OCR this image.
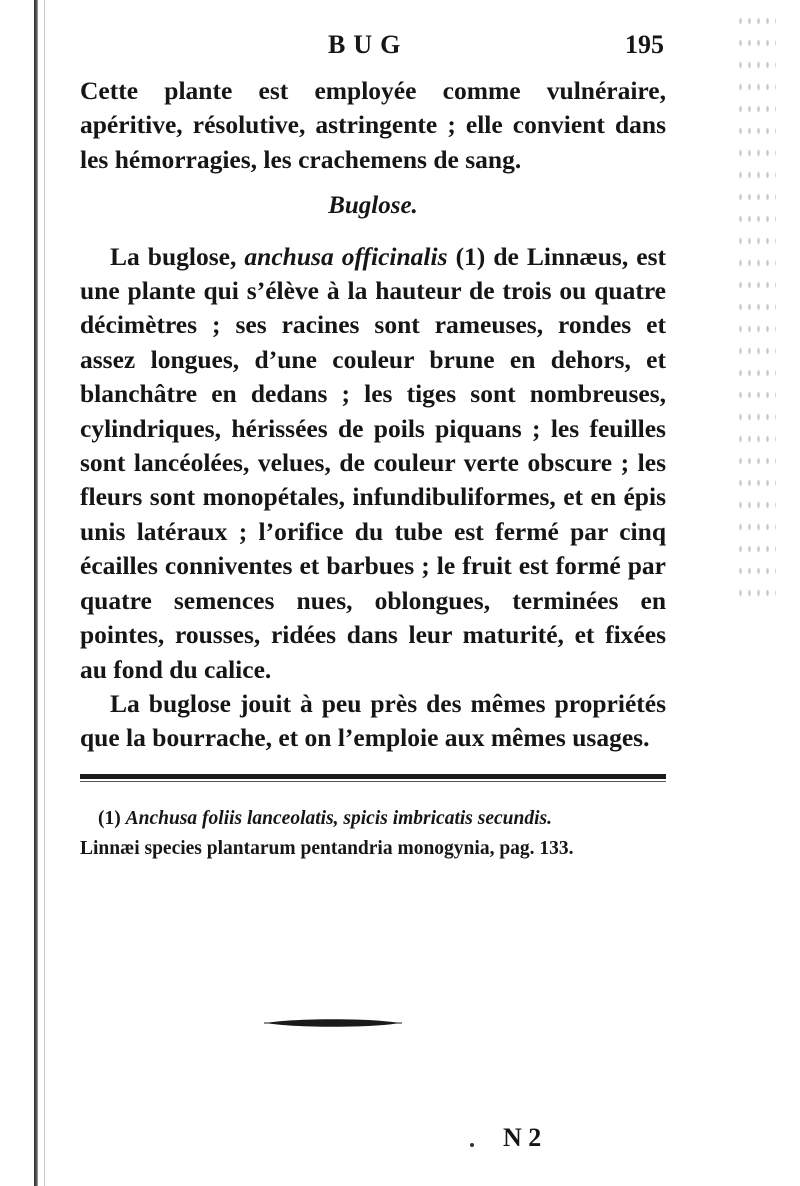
BUG	195

Cette plante est employée comme vulnéraire, apéritive, résolutive, astringente ; elle convient dans les hémorragies, les crachemens de sang.

Buglose.

La buglose, anchusa officinalis (1) de Linnæus, est une plante qui s’élève à la hauteur de trois ou quatre décimètres ; ses racines sont rameuses, rondes et assez longues, d’une couleur brune en dehors, et blanchâtre en dedans ; les tiges sont nombreuses, cylindriques, hérissées de poils piquans ; les feuilles sont lancéolées, velues, de couleur verte obscure ; les fleurs sont monopétales, infundibuliformes, et en épis unis latéraux ; l’orifice du tube est fermé par cinq écailles conniventes et barbues ; le fruit est formé par quatre semences nues, oblongues, terminées en pointes, rousses, ridées dans leur maturité, et fixées au fond du calice.

La buglose jouit à peu près des mêmes propriétés que la bourrache, et on l’emploie aux mêmes usages.

(1) Anchusa foliis lanceolatis, spicis imbricatis secundis.
Linnæi species plantarum pentandria monogynia, pag. 133.
N 2
